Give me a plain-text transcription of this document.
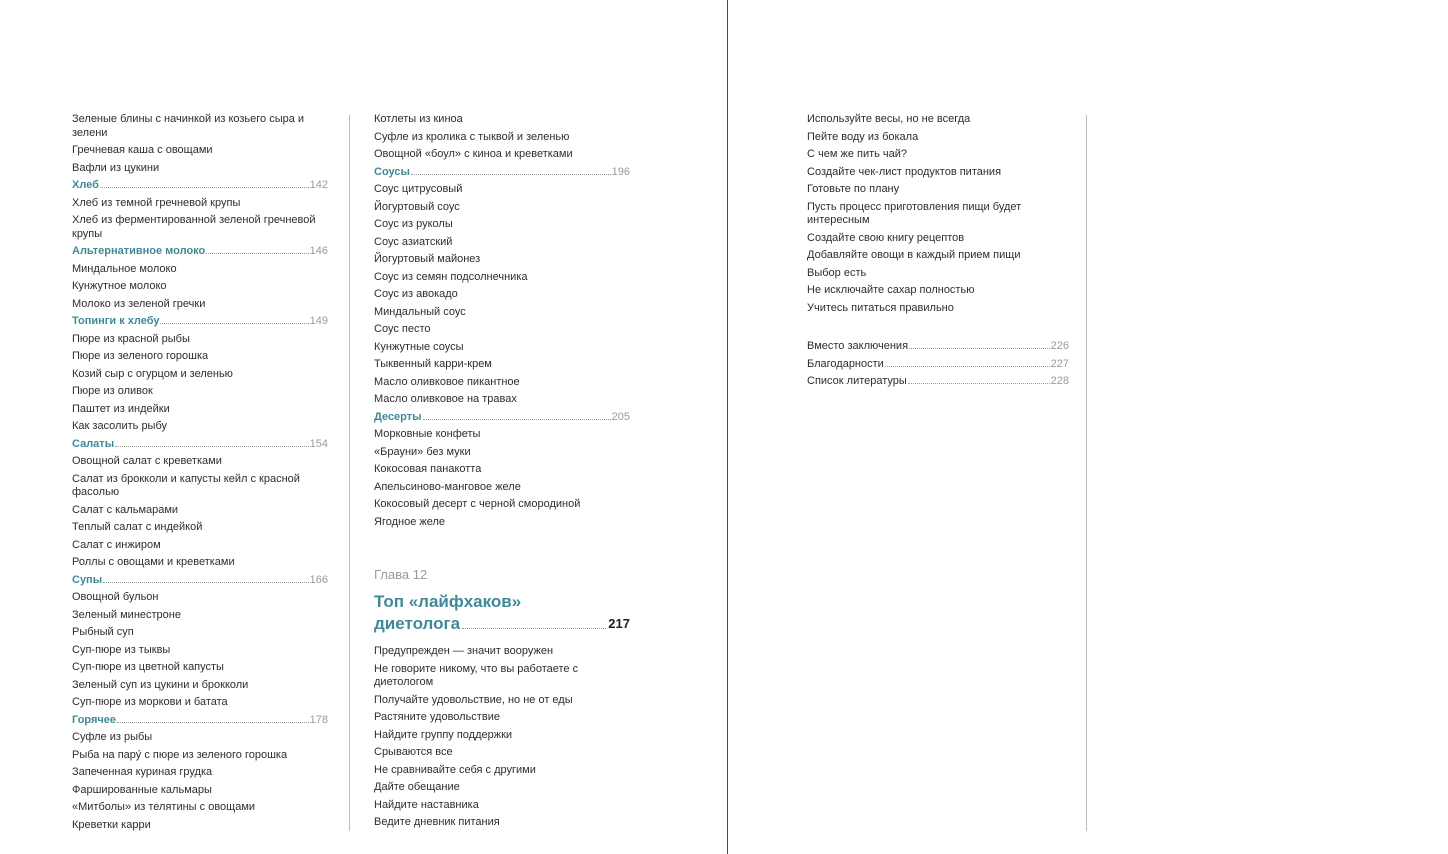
Зеленые блины с начинкой из козьего сыра и зелени
Гречневая каша с овощами
Вафли из цукини
Хлеб	142
Хлеб из темной гречневой крупы
Хлеб из ферментированной зеленой гречневой крупы
Альтернативное молоко	146
Миндальное молоко
Кунжутное молоко
Молоко из зеленой гречки
Топинги к хлебу	149
Пюре из красной рыбы
Пюре из зеленого горошка
Козий сыр с огурцом и зеленью
Пюре из оливок
Паштет из индейки
Как засолить рыбу
Салаты	154
Овощной салат с креветками
Салат из брокколи и капусты кейл с красной фасолью
Салат с кальмарами
Теплый салат с индейкой
Салат с инжиром
Роллы с овощами и креветками
Супы	166
Овощной бульон
Зеленый минестроне
Рыбный суп
Суп-пюре из тыквы
Суп-пюре из цветной капусты
Зеленый суп из цукини и брокколи
Суп-пюре из моркови и батата
Горячее	178
Суфле из рыбы
Рыба на пару́ с пюре из зеленого горошка
Запеченная куриная грудка
Фаршированные кальмары
«Митболы» из телятины с овощами
Креветки карри
Котлеты из киноа
Суфле из кролика с тыквой и зеленью
Овощной «боул» с киноа и креветками
Соусы	196
Соус цитрусовый
Йогуртовый соус
Соус из руколы
Соус азиатский
Йогуртовый майонез
Соус из семян подсолнечника
Соус из авокадо
Миндальный соус
Соус песто
Кунжутные соусы
Тыквенный карри-крем
Масло оливковое пикантное
Масло оливковое на травах
Десерты	205
Морковные конфеты
«Брауни» без муки
Кокосовая панакотта
Апельсиново-манговое желе
Кокосовый десерт с черной смородиной
Ягодное желе
Глава 12
Топ «лайфхаков»
диетолога	217
Предупрежден — значит вооружен
Не говорите никому, что вы работаете с диетологом
Получайте удовольствие, но не от еды
Растяните удовольствие
Найдите группу поддержки
Срываются все
Не сравнивайте себя с другими
Дайте обещание
Найдите наставника
Ведите дневник питания
Используйте весы, но не всегда
Пейте воду из бокала
С чем же пить чай?
Создайте чек-лист продуктов питания
Готовьте по плану
Пусть процесс приготовления пищи будет интересным
Создайте свою книгу рецептов
Добавляйте овощи в каждый прием пищи
Выбор есть
Не исключайте сахар полностью
Учитесь питаться правильно
Вместо заключения	226
Благодарности	227
Список литературы	228
